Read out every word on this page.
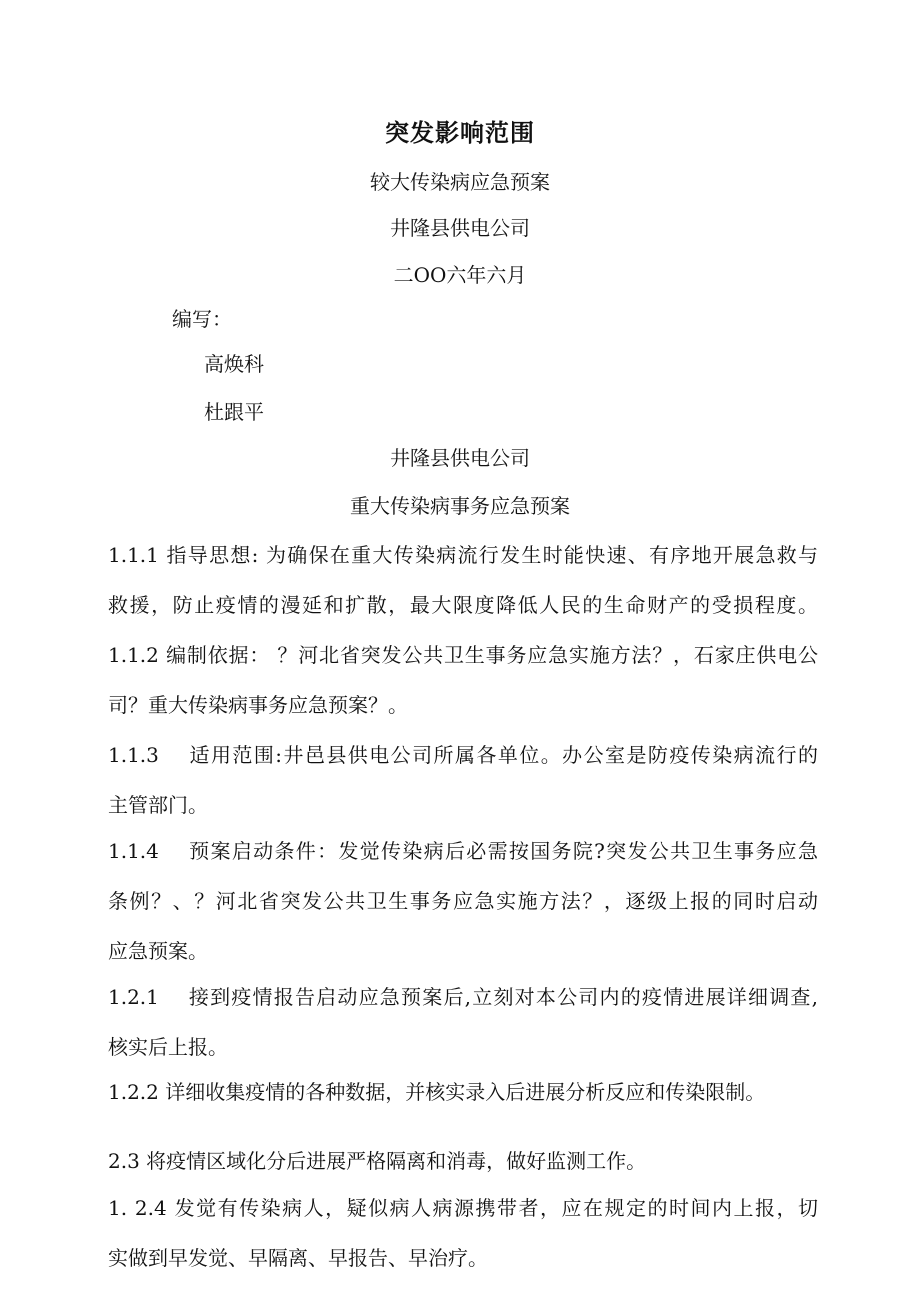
突发影响范围
较大传染病应急预案
井隆县供电公司
二OO六年六月
编写：
高焕科
杜跟平
井隆县供电公司
重大传染病事务应急预案
1.1.1 指导思想: 为确保在重大传染病流行发生时能快速、有序地开展急救与
救援，防止疫情的漫延和扩散，最大限度降低人民的生命财产的受损程度。
1.1.2 编制依据： ？河北省突发公共卫生事务应急实施方法？，石家庄供电公
司？重大传染病事务应急预案？。
1.1.3　 适用范围:井邑县供电公司所属各单位。办公室是防疫传染病流行的
主管部门。
1.1.4　 预案启动条件：发觉传染病后必需按国务院?突发公共卫生事务应急
条例？、？河北省突发公共卫生事务应急实施方法？，逐级上报的同时启动
应急预案。
1.2.1　 接到疫情报告启动应急预案后,立刻对本公司内的疫情进展详细调查,
核实后上报。
1.2.2 详细收集疫情的各种数据，并核实录入后进展分析反应和传染限制。
2.3 将疫情区域化分后进展严格隔离和消毒，做好监测工作。
1. 2.4 发觉有传染病人，疑似病人病源携带者，应在规定的时间内上报，切
实做到早发觉、早隔离、早报告、早治疗。
